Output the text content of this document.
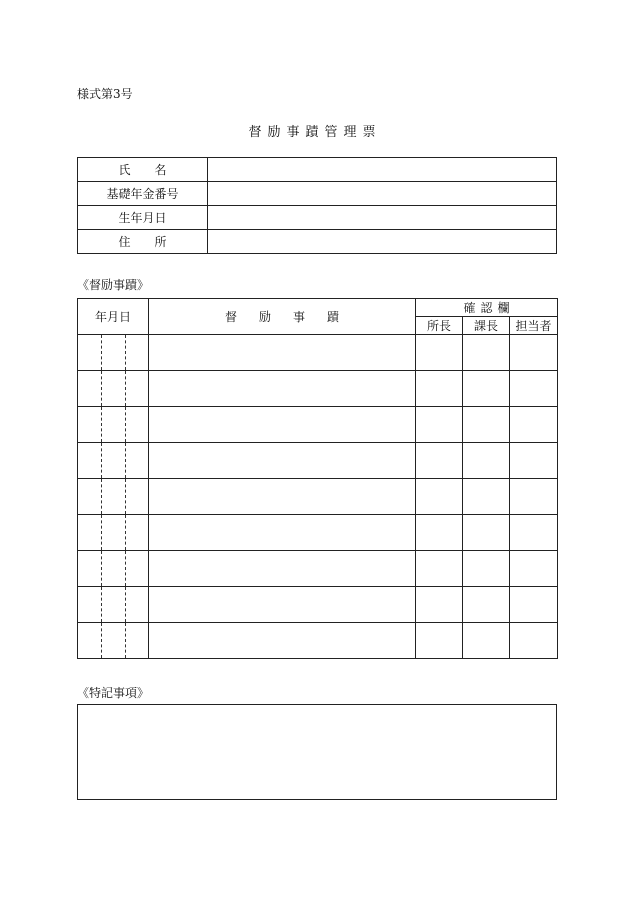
様式第3号
督励事蹟管理票
氏　　名	
基礎年金番号	
生年月日	
住　　所	
《督励事蹟》
年月日	督励事蹟	確認欄		
		所長	課長	担当者

《特記事項》
